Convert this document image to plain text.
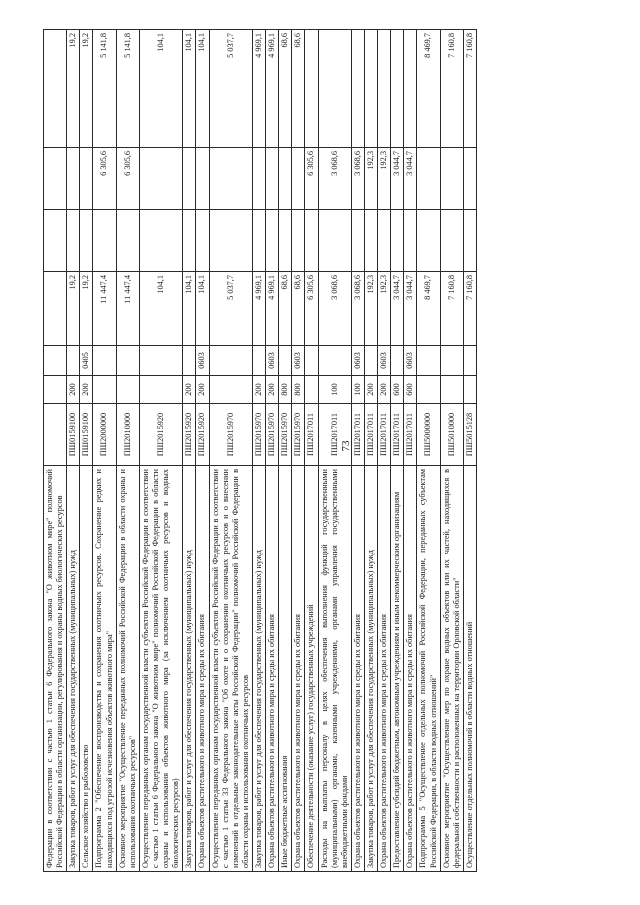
73
Федерации в соответствии с частью 1 статьи 6 Федерального закона "О животном мире" полномочий Российской Федерации в области организации, регулирования и охраны водных биологических ресурсов							
Закупка товаров, работ и услуг для обеспечения государственных (муниципальных) нужд	ПШ0159100	200		19,2			19,2
Сельское хозяйство и рыболовство	ПШ0159100	200	0405	19,2			19,2
Подпрограмма 2 "Обеспечение воспроизводства и сохранения охотничьих ресурсов. Сохранение редких и находящихся под угрозой исчезновения объектов животного мира"	ПШ2000000			11 447,4		6 305,6	5 141,8
Основное мероприятие "Осуществление переданных полномочий Российской Федерации в области охраны и использования охотничьих ресурсов"	ПШ2010000			11 447,4		6 305,6	5 141,8
Осуществление переданных органам государственной власти субъектов Российской Федерации в соответствии с частью 1 статьи 6 Федерального закона "О животном мире" полномочий Российской Федерации в области охраны и использования объектов животного мира (за исключением охотничьих ресурсов и водных биологических ресурсов)	ПШ2015920			104,1			104,1
Закупка товаров, работ и услуг для обеспечения государственных (муниципальных) нужд	ПШ2015920	200		104,1			104,1
Охрана объектов растительного и животного мира и среды их обитания	ПШ2015920	200	0603	104,1			104,1
Осуществление переданных органам государственной власти субъектов Российской Федерации в соответствии с частью 1 статьи 33 Федерального закона "Об охоте и о сохранении охотничьих ресурсов и о внесении изменений в отдельные законодательные акты Российской Федерации" полномочий Российской Федерации в области охраны и использования охотничьих ресурсов	ПШ2015970			5 037,7			5 037,7
Закупка товаров, работ и услуг для обеспечения государственных (муниципальных) нужд	ПШ2015970	200		4 969,1			4 969,1
Охрана объектов растительного и животного мира и среды их обитания	ПШ2015970	200	0603	4 969,1			4 969,1
Иные бюджетные ассигнования	ПШ2015970	800		68,6			68,6
Охрана объектов растительного и животного мира и среды их обитания	ПШ2015970	800	0603	68,6			68,6
Обеспечение деятельности (оказание услуг) государственных учреждений	ПШ2017011			6 305,6		6 305,6	
Расходы на выплаты персоналу в целях обеспечения выполнения функций государственными (муниципальными) органами, казенными учреждениями, органами управления государственными внебюджетными фондами	ПШ2017011	100		3 068,6		3 068,6	
Охрана объектов растительного и животного мира и среды их обитания	ПШ2017011	100	0603	3 068,6		3 068,6	
Закупка товаров, работ и услуг для обеспечения государственных (муниципальных) нужд	ПШ2017011	200		192,3		192,3	
Охрана объектов растительного и животного мира и среды их обитания	ПШ2017011	200	0603	192,3		192,3	
Предоставление субсидий бюджетным, автономным учреждениям и иным некоммерческим организациям	ПШ2017011	600		3 044,7		3 044,7	
Охрана объектов растительного и животного мира и среды их обитания	ПШ2017011	600	0603	3 044,7		3 044,7	
Подпрограмма 5 "Осуществление отдельных полномочий Российской Федерации, переданных субъектам Российской Федерации, в области водных отношений"	ПШ5000000			8 469,7			8 469,7
Основное мероприятие "Осуществление мер по охране водных объектов или их частей, находящихся в федеральной собственности и расположенных на территории Орловской области"	ПШ5010000			7 160,8			7 160,8
Осуществление отдельных полномочий в области водных отношений	ПШ5015128			7 160,8			7 160,8
